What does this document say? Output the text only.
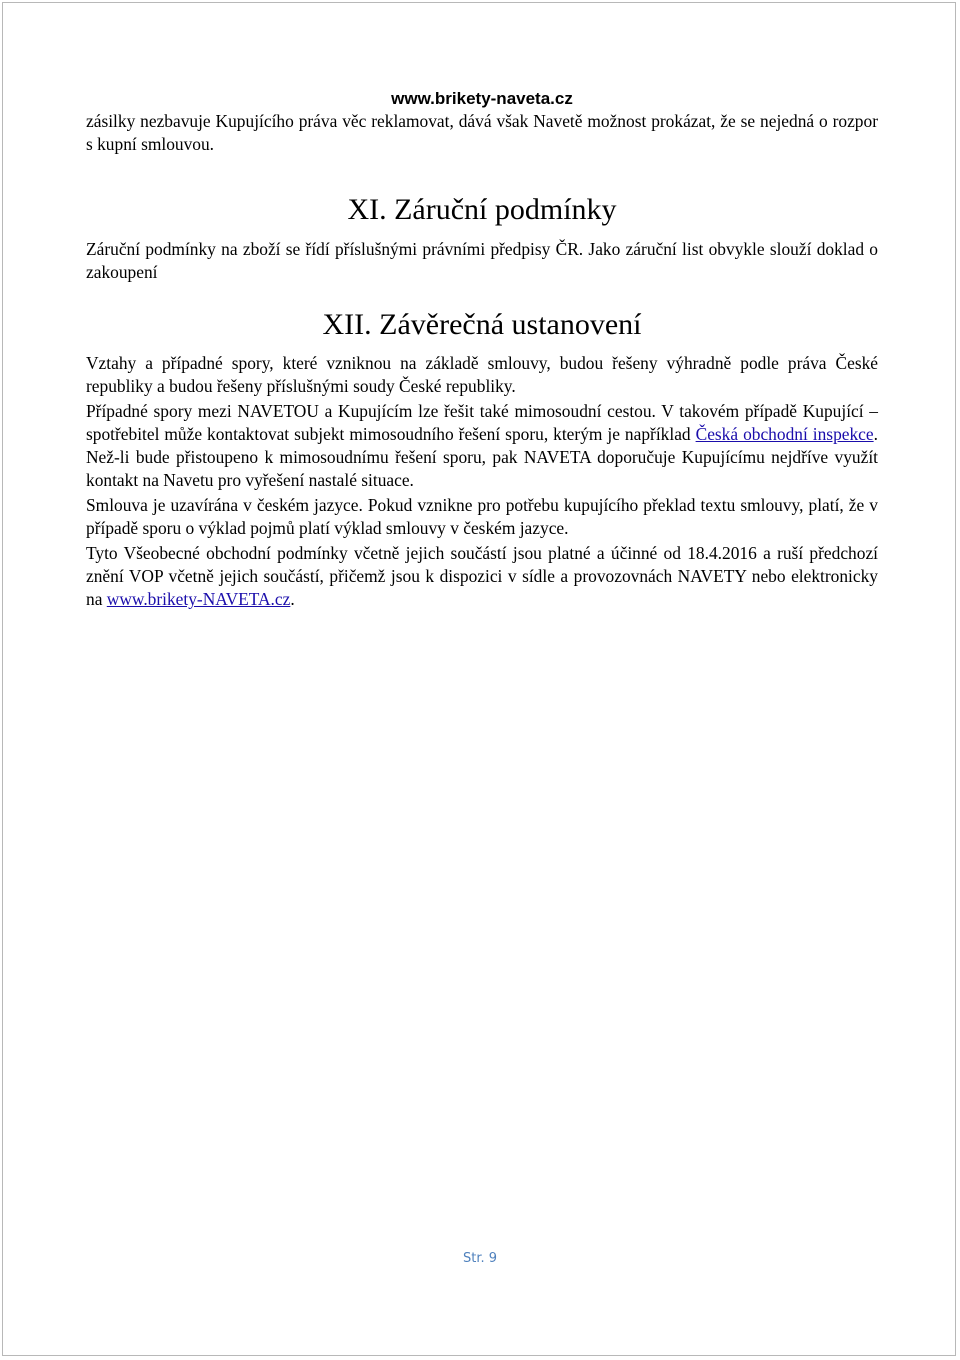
www.brikety-naveta.cz

zásilky nezbavuje Kupujícího práva věc reklamovat, dává však Navetě možnost prokázat, že se nejedná o rozpor s kupní smlouvou.

XI. Záruční podmínky

Záruční podmínky na zboží se řídí příslušnými právními předpisy ČR. Jako záruční list obvykle slouží doklad o zakoupení

XII. Závěrečná ustanovení

Vztahy a případné spory, které vzniknou na základě smlouvy, budou řešeny výhradně podle práva České republiky a budou řešeny příslušnými soudy České republiky.

Případné spory mezi NAVETOU a Kupujícím lze řešit také mimosoudní cestou. V takovém případě Kupující – spotřebitel může kontaktovat subjekt mimosoudního řešení sporu, kterým je například Česká obchodní inspekce. Než-li bude přistoupeno k mimosoudnímu řešení sporu, pak NAVETA doporučuje Kupujícímu nejdříve využít kontakt na Navetu pro vyřešení nastalé situace.

Smlouva je uzavírána v českém jazyce. Pokud vznikne pro potřebu kupujícího překlad textu smlouvy, platí, že v případě sporu o výklad pojmů platí výklad smlouvy v českém jazyce.

Tyto Všeobecné obchodní podmínky včetně jejich součástí jsou platné a účinné od 18.4.2016 a ruší předchozí znění VOP včetně jejich součástí, přičemž jsou k dispozici v sídle a provozovnách NAVETY nebo elektronicky na www.brikety-NAVETA.cz.

Str. 9
